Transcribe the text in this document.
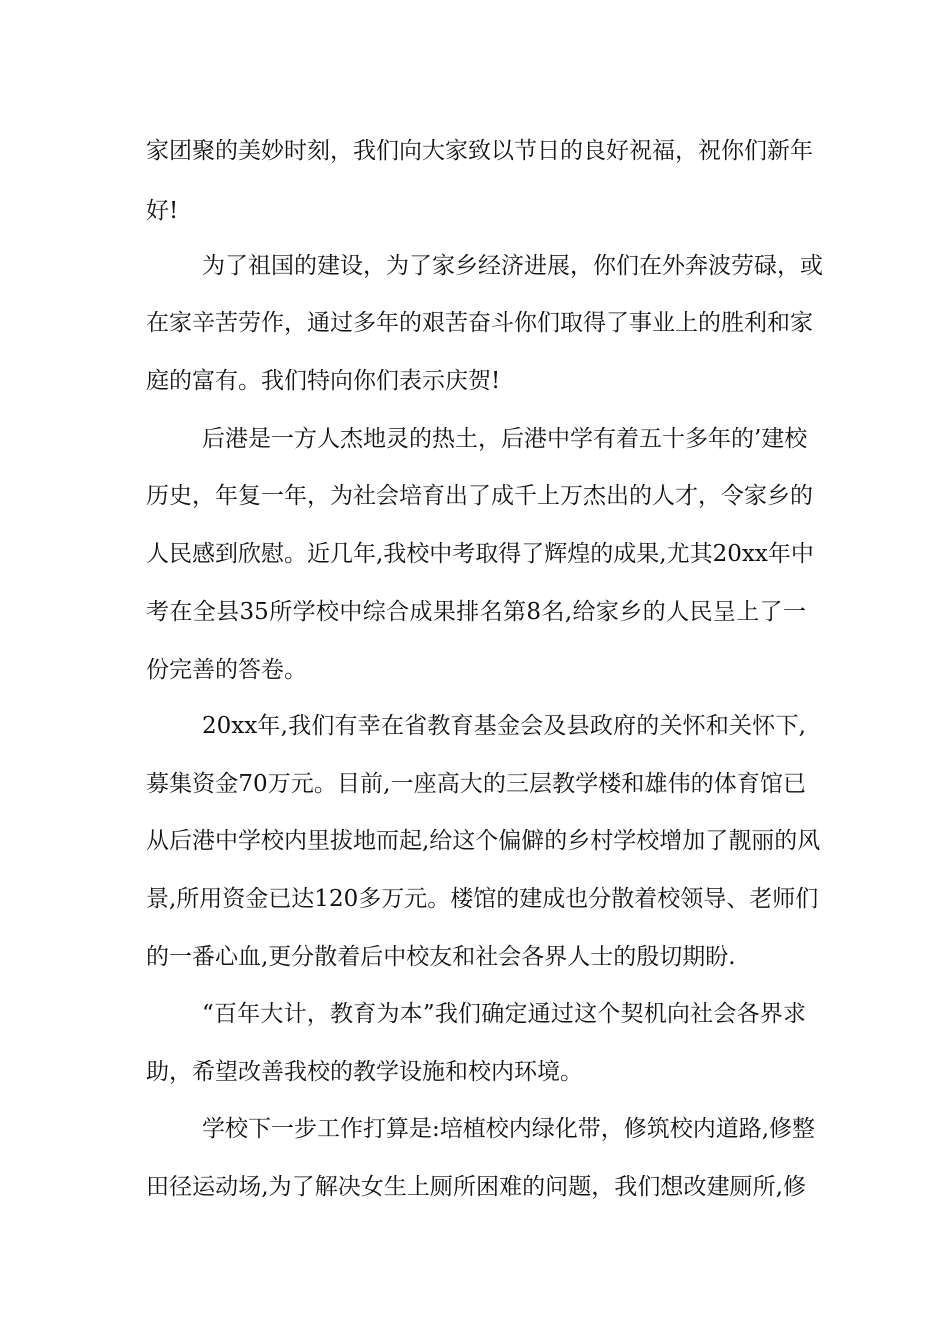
家团聚的美妙时刻，我们向大家致以节日的良好祝福，祝你们新年
好!
为了祖国的建设，为了家乡经济进展，你们在外奔波劳碌，或
在家辛苦劳作，通过多年的艰苦奋斗你们取得了事业上的胜利和家
庭的富有。我们特向你们表示庆贺!
后港是一方人杰地灵的热土，后港中学有着五十多年的’建校
历史，年复一年，为社会培育出了成千上万杰出的人才，令家乡的
人民感到欣慰。近几年,我校中考取得了辉煌的成果,尤其20xx年中
考在全县35所学校中综合成果排名第8名,给家乡的人民呈上了一
份完善的答卷。
20xx年,我们有幸在省教育基金会及县政府的关怀和关怀下,
募集资金70万元。目前,一座高大的三层教学楼和雄伟的体育馆已
从后港中学校内里拔地而起,给这个偏僻的乡村学校增加了靓丽的风
景,所用资金已达120多万元。楼馆的建成也分散着校领导、老师们
的一番心血,更分散着后中校友和社会各界人士的殷切期盼.
“百年大计，教育为本”我们确定通过这个契机向社会各界求
助，希望改善我校的教学设施和校内环境。
学校下一步工作打算是:培植校内绿化带，修筑校内道路,修整
田径运动场,为了解决女生上厕所困难的问题，我们想改建厕所,修
